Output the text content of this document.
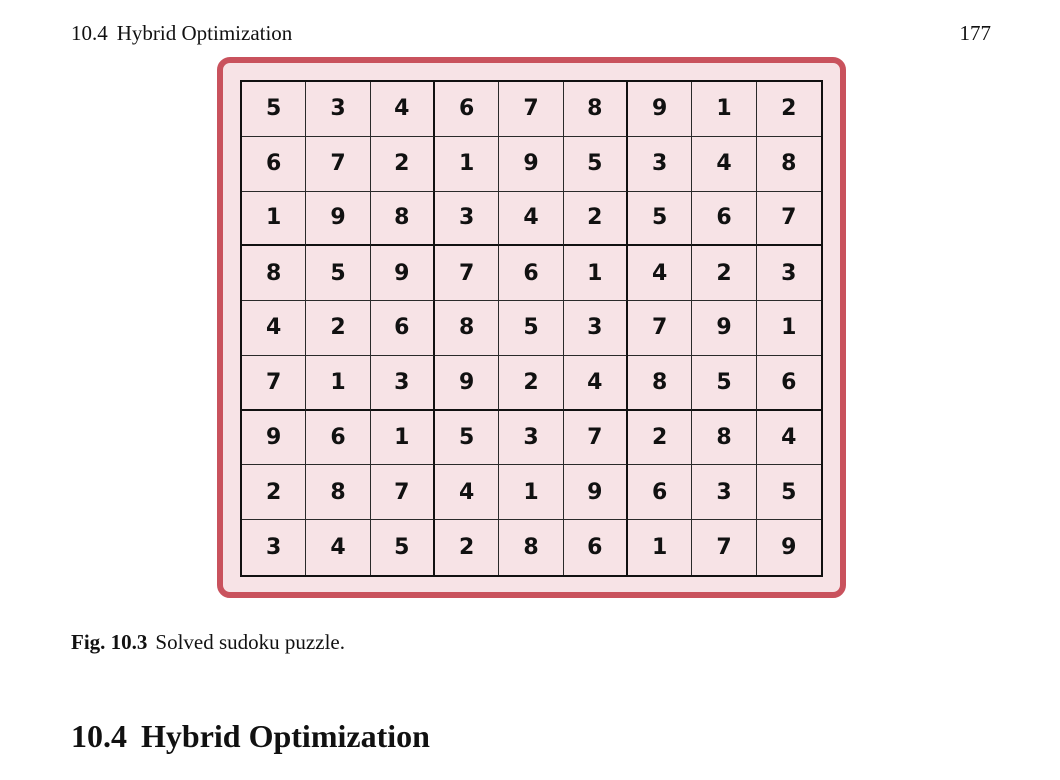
10.4 Hybrid Optimization	177
5	3	4	6	7	8	9	1	2
6	7	2	1	9	5	3	4	8
1	9	8	3	4	2	5	6	7
8	5	9	7	6	1	4	2	3
4	2	6	8	5	3	7	9	1
7	1	3	9	2	4	8	5	6
9	6	1	5	3	7	2	8	4
2	8	7	4	1	9	6	3	5
3	4	5	2	8	6	1	7	9
Fig. 10.3 Solved sudoku puzzle.
10.4 Hybrid Optimization
